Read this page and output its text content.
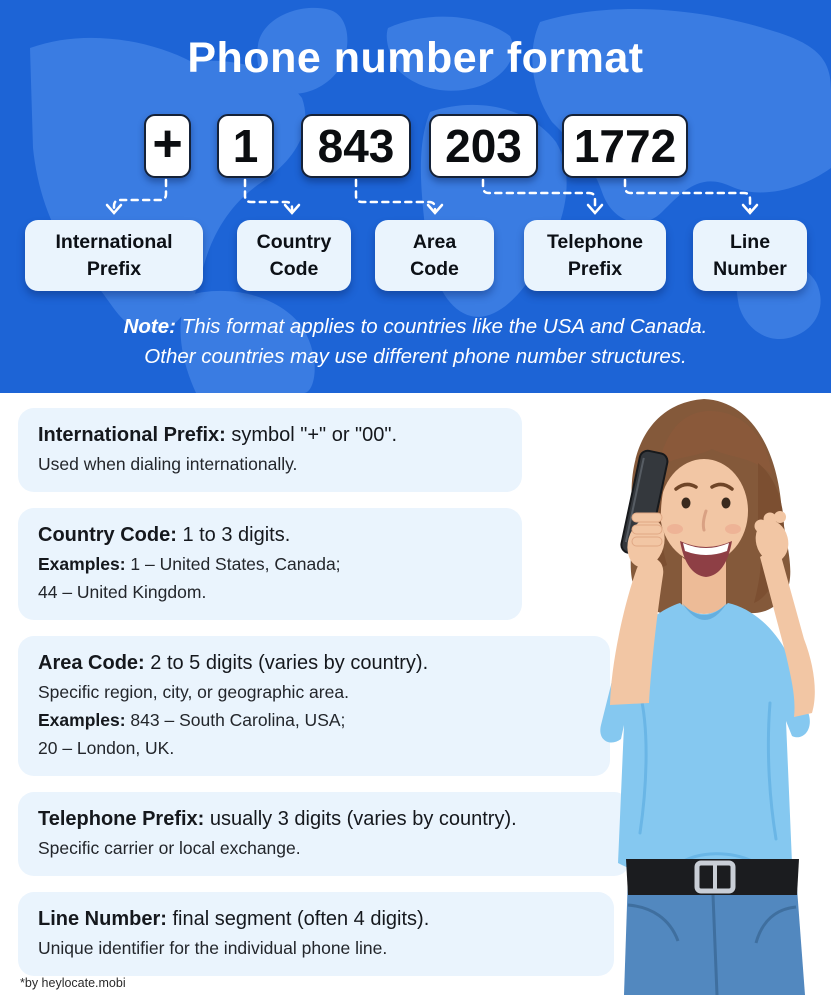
Phone number format
+	1	843	203	1772
International
Prefix
Country
Code
Area
Code
Telephone
Prefix
Line
Number

Note: This format applies to countries like the USA and Canada.
Other countries may use different phone number structures.

International Prefix: symbol "+" or "00".
Used when dialing internationally.
Country Code: 1 to 3 digits.
Examples: 1 – United States, Canada;
44 – United Kingdom.
Area Code: 2 to 5 digits (varies by country).
Specific region, city, or geographic area.
Examples: 843 – South Carolina, USA;
20 – London, UK.
Telephone Prefix: usually 3 digits (varies by country).
Specific carrier or local exchange.
Line Number: final segment (often 4 digits).
Unique identifier for the individual phone line.
*by heylocate.mobi
